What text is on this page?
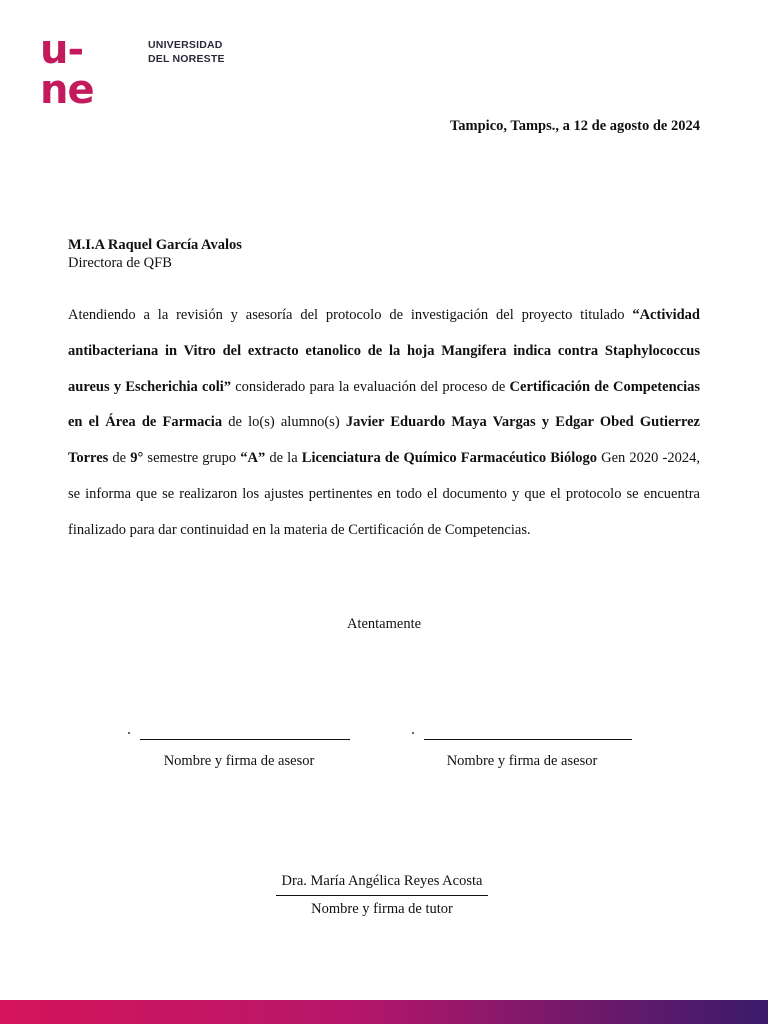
u-ne
UNIVERSIDAD
DEL NORESTE
Tampico, Tamps., a 12 de agosto de 2024
M.I.A Raquel García Avalos
Directora de QFB
Atendiendo a la revisión y asesoría del protocolo de investigación del proyecto titulado “Actividad antibacteriana in Vitro del extracto etanolico de la hoja Mangifera indica contra Staphylococcus aureus y Escherichia coli” considerado para la evaluación del proceso de Certificación de Competencias en el Área de Farmacia de lo(s) alumno(s) Javier Eduardo Maya Vargas y Edgar Obed Gutierrez Torres de 9° semestre grupo “A” de la Licenciatura de Químico Farmacéutico Biólogo Gen 2020 -2024, se informa que se realizaron los ajustes pertinentes en todo el documento y que el protocolo se encuentra finalizado para dar continuidad en la materia de Certificación de Competencias.
Atentamente
Nombre y firma de asesor	Nombre y firma de asesor
Dra. María Angélica Reyes Acosta
Nombre y firma de tutor
